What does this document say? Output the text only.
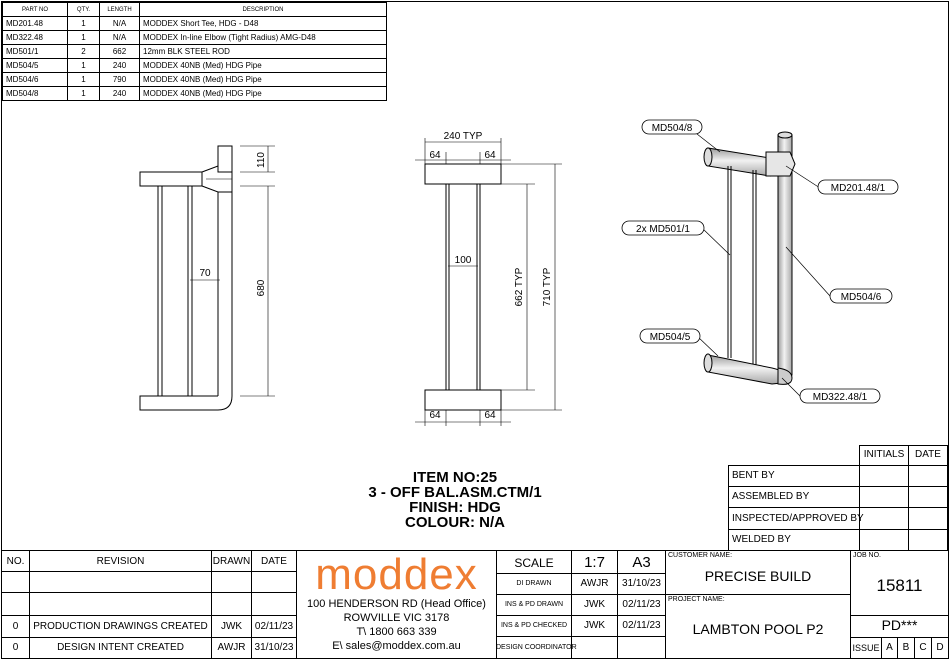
PART NO	QTY.	LENGTH	DESCRIPTION
MD201.48	1	N/A	MODDEX Short Tee, HDG - D48
MD322.48	1	N/A	MODDEX In-line Elbow (Tight Radius) AMG-D48
MD501/1	2	662	12mm BLK STEEL ROD
MD504/5	1	240	MODDEX 40NB (Med) HDG Pipe
MD504/6	1	790	MODDEX 40NB (Med) HDG Pipe
MD504/8	1	240	MODDEX 40NB (Med) HDG Pipe
110
70
680
240 TYP
64	64
100
662 TYP 710 TYP
64	64
MD504/8
MD201.48/1
2x MD501/1
MD504/6
MD504/5
MD322.48/1
ITEM NO:25
3 - OFF BAL.ASM.CTM/1
FINISH: HDG
COLOUR: N/A
INITIALS	DATE
BENT BY
ASSEMBLED BY
INSPECTED/APPROVED BY
WELDED BY
NO.	REVISION	DRAWN	DATE
0	PRODUCTION DRAWINGS CREATED	JWK	02/11/23
0	DESIGN INTENT CREATED	AWJR 31/10/23
moddex
100 HENDERSON RD (Head Office)
ROWVILLE VIC 3178
T\ 1800 663 339
E\ sales@moddex.com.au
SCALE	1:7	A3
DI DRAWN	AWJR	31/10/23
INS & PD DRAWN	JWK	02/11/23
INS & PD CHECKED	JWK	02/11/23
DESIGN COORDINATOR
CUSTOMER NAME:
PRECISE BUILD
PROJECT NAME:
LAMBTON POOL P2
JOB NO.
15811
PD***
ISSUE A B	C D
